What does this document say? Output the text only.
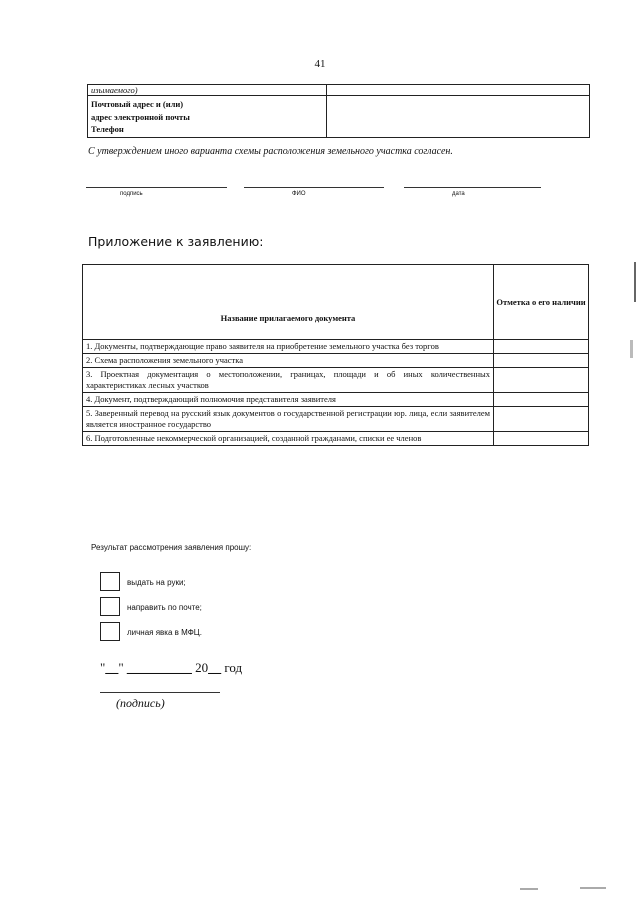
41
изымаемого)	

Почтовый адрес и (или)
адрес электронной почты
Телефон	

С утверждением иного варианта схемы расположения земельного участка согласен.
подпись	ФИО	дата
Приложение к заявлению:
Название прилагаемого документа	Отметка о его наличии
1. Документы, подтверждающие право заявителя на приобретение земельного участка без торгов	
2. Схема расположения земельного участка	
3. Проектная документация о местоположении, границах, площади и об иных количественных характеристиках лесных участков	
4. Документ, подтверждающий полномочия представителя заявителя	
5. Заверенный перевод на русский язык документов о государственной регистрации юр. лица, если заявителем является иностранное государство	
6. Подготовленные некоммерческой организацией, созданной гражданами, списки ее членов	
Результат рассмотрения заявления прошу:
выдать на руки;
направить по почте;
личная явка в МФЦ.
"__" __________ 20__ год
(подпись)
